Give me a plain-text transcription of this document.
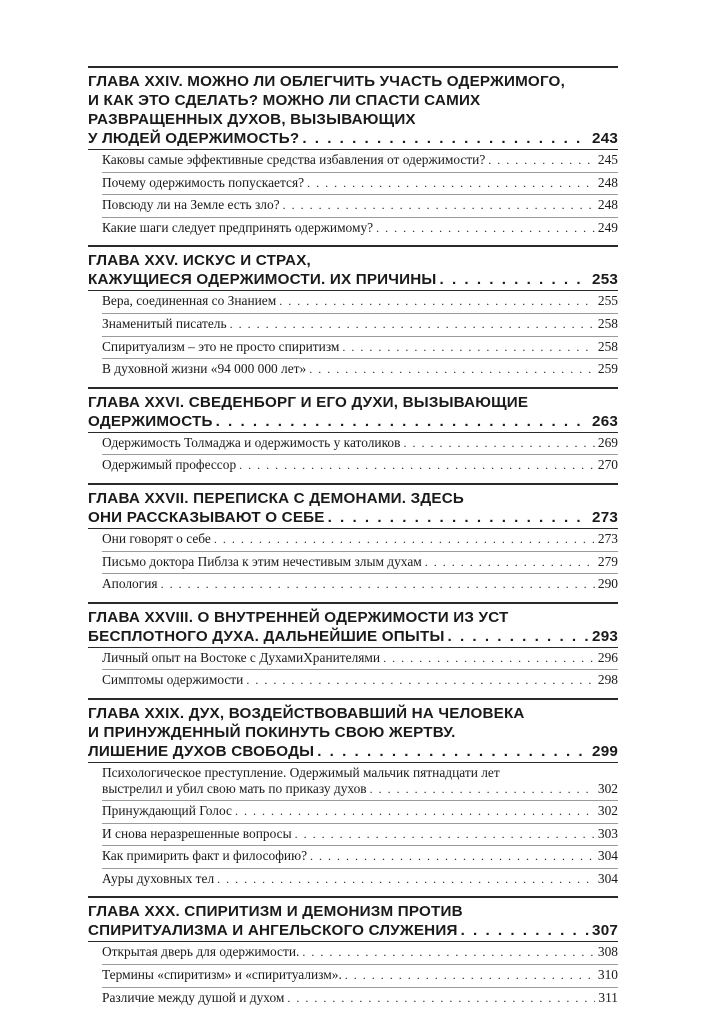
ГЛАВА XXIV. МОЖНО ЛИ ОБЛЕГЧИТЬ УЧАСТЬ ОДЕРЖИМОГО,
И КАК ЭТО СДЕЛАТЬ? МОЖНО ЛИ СПАСТИ САМИХ
РАЗВРАЩЕННЫХ ДУХОВ, ВЫЗЫВАЮЩИХ
У ЛЮДЕЙ ОДЕРЖИМОСТЬ? . . .	243
Каковы самые эффективные средства избавления от одержимости? . . .	245
Почему одержимость попускается? . . .	248
Повсюду ли на Земле есть зло? . . .	248
Какие шаги следует предпринять одержимому? . . .	249
ГЛАВА XXV. ИСКУС И СТРАХ,
КАЖУЩИЕСЯ ОДЕРЖИМОСТИ. ИХ ПРИЧИНЫ . . .	253
Вера, соединенная со Знанием . . .	255
Знаменитый писатель . . .	258
Спиритуализм – это не просто спиритизм . . .	258
В духовной жизни «94 000 000 лет» . . .	259
ГЛАВА XXVI. СВЕДЕНБОРГ И ЕГО ДУХИ, ВЫЗЫВАЮЩИЕ
ОДЕРЖИМОСТЬ . . .	263
Одержимость Толмаджа и одержимость у католиков . . .	269
Одержимый профессор . . .	270
ГЛАВА XXVII. ПЕРЕПИСКА С ДЕМОНАМИ. ЗДЕСЬ
ОНИ РАССКАЗЫВАЮТ О СЕБЕ . . .	273
Они говорят о себе . . .	273
Письмо доктора Пиблза к этим нечестивым злым духам . . .	279
Апология . . .	290
ГЛАВА XXVIII. О ВНУТРЕННЕЙ ОДЕРЖИМОСТИ ИЗ УСТ
БЕСПЛОТНОГО ДУХА. ДАЛЬНЕЙШИЕ ОПЫТЫ . . .	293
Личный опыт на Востоке с ДухамиХранителями . . .	296
Симптомы одержимости . . .	298
ГЛАВА XXIX. ДУХ, ВОЗДЕЙСТВОВАВШИЙ НА ЧЕЛОВЕКА
И ПРИНУЖДЕННЫЙ ПОКИНУТЬ СВОЮ ЖЕРТВУ.
ЛИШЕНИЕ ДУХОВ СВОБОДЫ . . .	299
Психологическое преступление. Одержимый мальчик пятнадцати лет
выстрелил и убил свою мать по приказу духов . . .	302
Принуждающий Голос . . .	302
И снова неразрешенные вопросы . . .	303
Как примирить факт и философию? . . .	304
Ауры духовных тел . . .	304
ГЛАВА XXX. СПИРИТИЗМ И ДЕМОНИЗМ ПРОТИВ
СПИРИТУАЛИЗМА И АНГЕЛЬСКОГО СЛУЖЕНИЯ . . .	307
Открытая дверь для одержимости. . . .	308
Термины «спиритизм» и «спиритуализм». . . .	310
Различие между душой и духом . . .	311
